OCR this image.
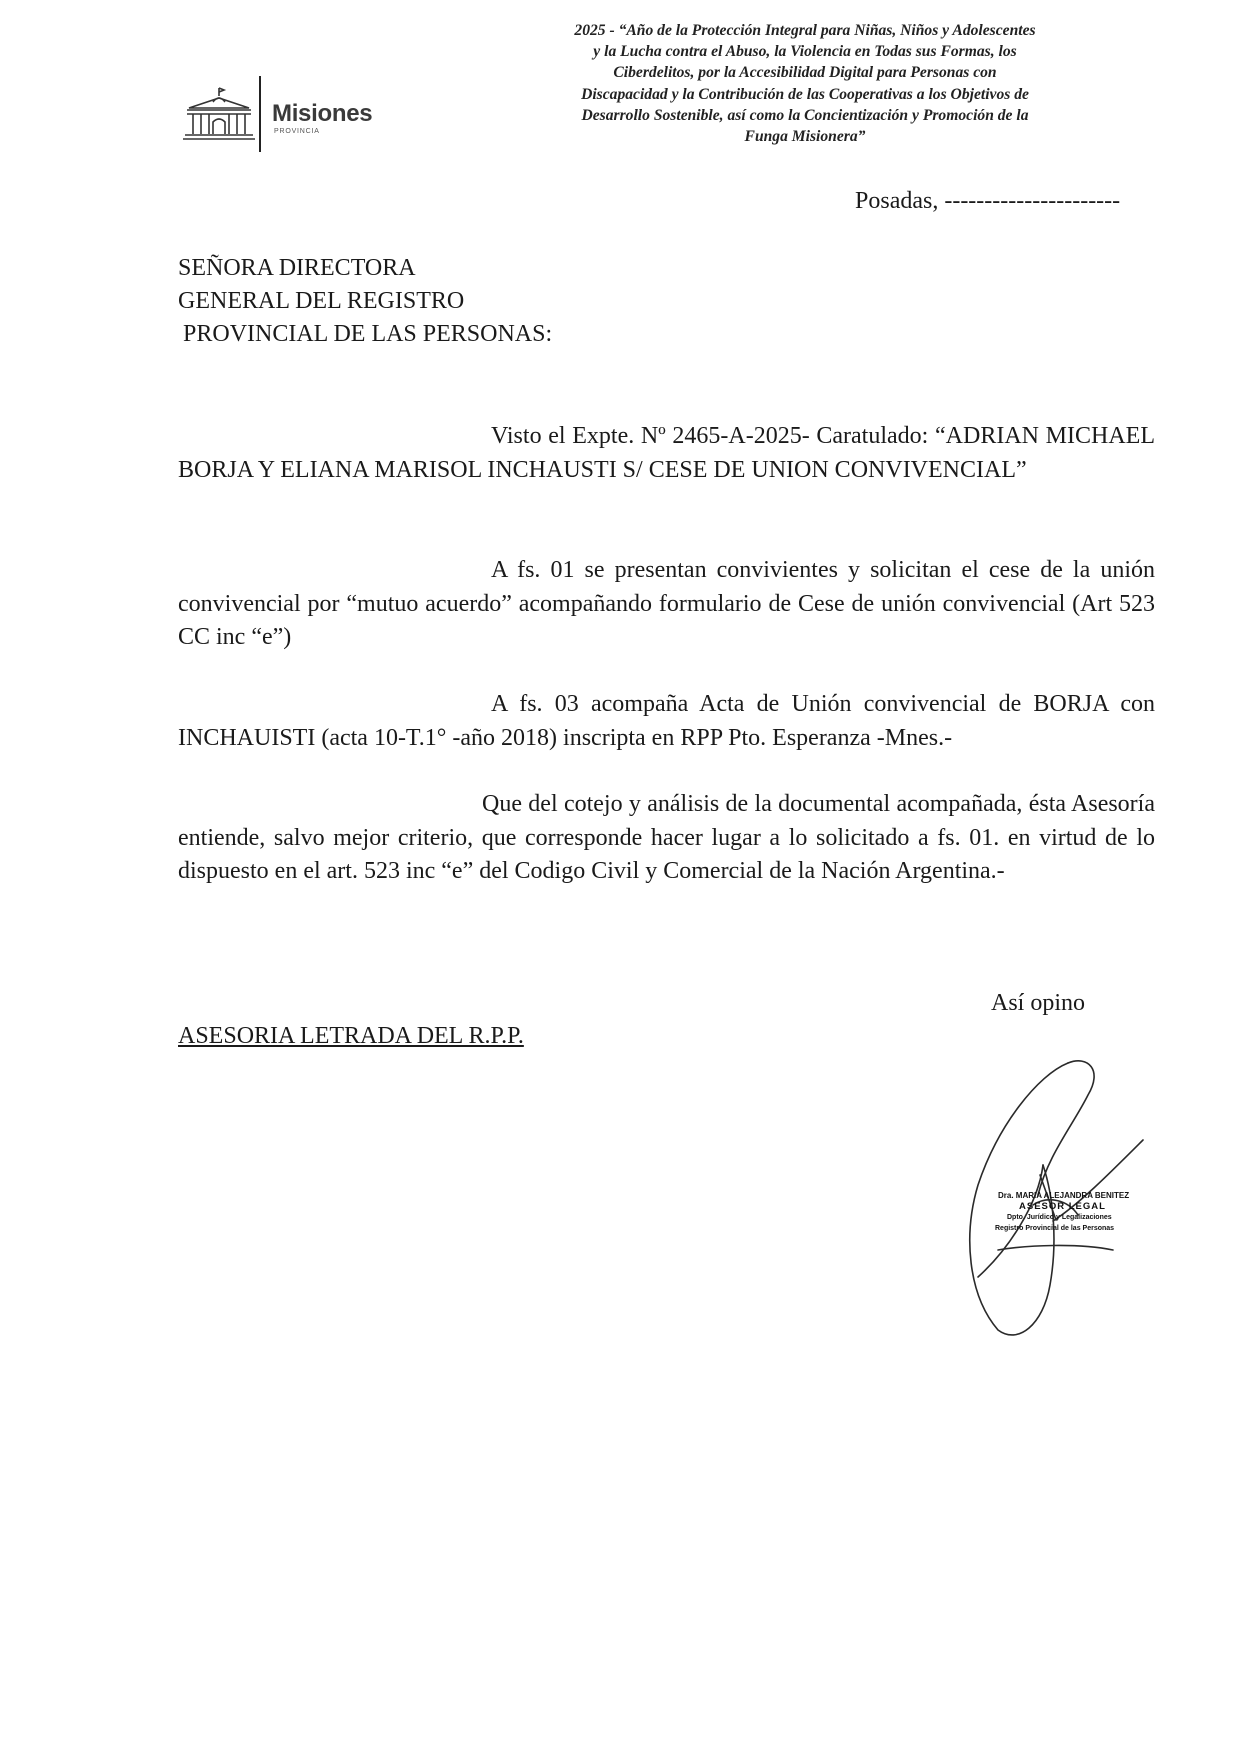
Misiones
PROVINCIA
2025 - “Año de la Protección Integral para Niñas, Niños y Adolescentes
y la Lucha contra el Abuso, la Violencia en Todas sus Formas, los
Ciberdelitos, por la Accesibilidad Digital para Personas con
Discapacidad y la Contribución de las Cooperativas a los Objetivos de
Desarrollo Sostenible, así como la Concientización y Promoción de la
Funga Misionera”
Posadas, ----------------------
SEÑORA DIRECTORA
GENERAL DEL REGISTRO
PROVINCIAL DE LAS PERSONAS:

Visto el Expte. Nº 2465-A-2025- Caratulado: “ADRIAN MICHAEL BORJA Y ELIANA MARISOL INCHAUSTI S/ CESE DE UNION CONVIVENCIAL”

A fs. 01 se presentan convivientes y solicitan el cese de la unión convivencial por “mutuo acuerdo” acompañando formulario de Cese de unión convivencial (Art 523 CC inc “e”)

A fs. 03 acompaña Acta de Unión convivencial de BORJA con INCHAUISTI (acta 10-T.1° -año 2018) inscripta en RPP Pto. Esperanza -Mnes.-

Que del cotejo y análisis de la documental acompañada, ésta Asesoría entiende, salvo mejor criterio, que corresponde hacer lugar a lo solicitado a fs. 01. en virtud de lo dispuesto en el art. 523 inc “e” del Codigo Civil y Comercial de la Nación Argentina.-

Así opino
ASESORIA LETRADA DEL R.P.P.
Dra. MARIA ALEJANDRA BENITEZ
ASESOR LEGAL
Dpto. Jurídico y Legalizaciones
Registro Provincial de las Personas
